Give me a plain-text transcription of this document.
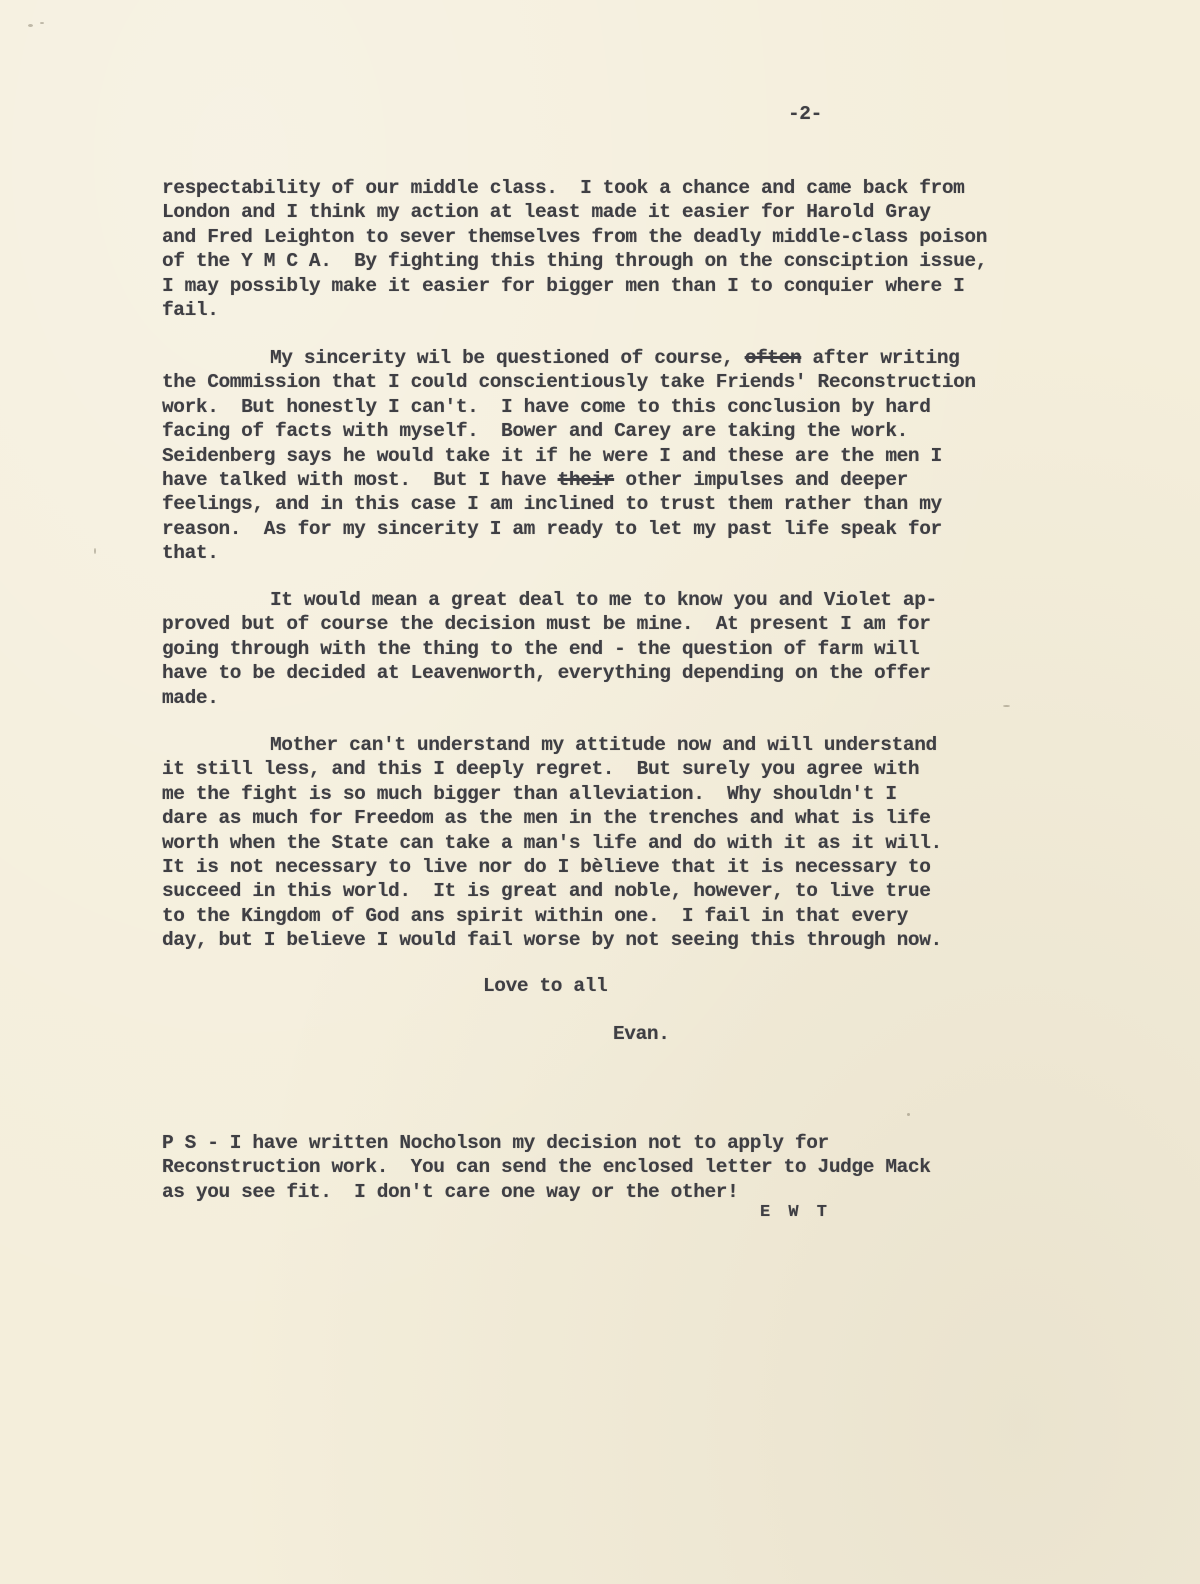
-2-

respectability of our middle class.  I took a chance and came back from
London and I think my action at least made it easier for Harold Gray
and Fred Leighton to sever themselves from the deadly middle-class poison
of the Y M C A.  By fighting this thing through on the consciption issue,
I may possibly make it easier for bigger men than I to conquier where I
fail.

My sincerity wil be questioned of course, often after writing
the Commission that I could conscientiously take Friends' Reconstruction
work.  But honestly I can't.  I have come to this conclusion by hard
facing of facts with myself.  Bower and Carey are taking the work.
Seidenberg says he would take it if he were I and these are the men I
have talked with most.  But I have their other impulses and deeper
feelings, and in this case I am inclined to trust them rather than my
reason.  As for my sincerity I am ready to let my past life speak for
that.

It would mean a great deal to me to know you and Violet ap-
proved but of course the decision must be mine.  At present I am for
going through with the thing to the end - the question of farm will
have to be decided at Leavenworth, everything depending on the offer
made.

Mother can't understand my attitude now and will understand
it still less, and this I deeply regret.  But surely you agree with
me the fight is so much bigger than alleviation.  Why shouldn't I
dare as much for Freedom as the men in the trenches and what is life
worth when the State can take a man's life and do with it as it will.
It is not necessary to live nor do I bèlieve that it is necessary to
succeed in this world.  It is great and noble, however, to live true
to the Kingdom of God ans spirit within one.  I fail in that every
day, but I believe I would fail worse by not seeing this through now.

Love to all

Evan.

P S - I have written Nocholson my decision not to apply for
Reconstruction work.  You can send the enclosed letter to Judge Mack
as you see fit.  I don't care one way or the other!

E W T
